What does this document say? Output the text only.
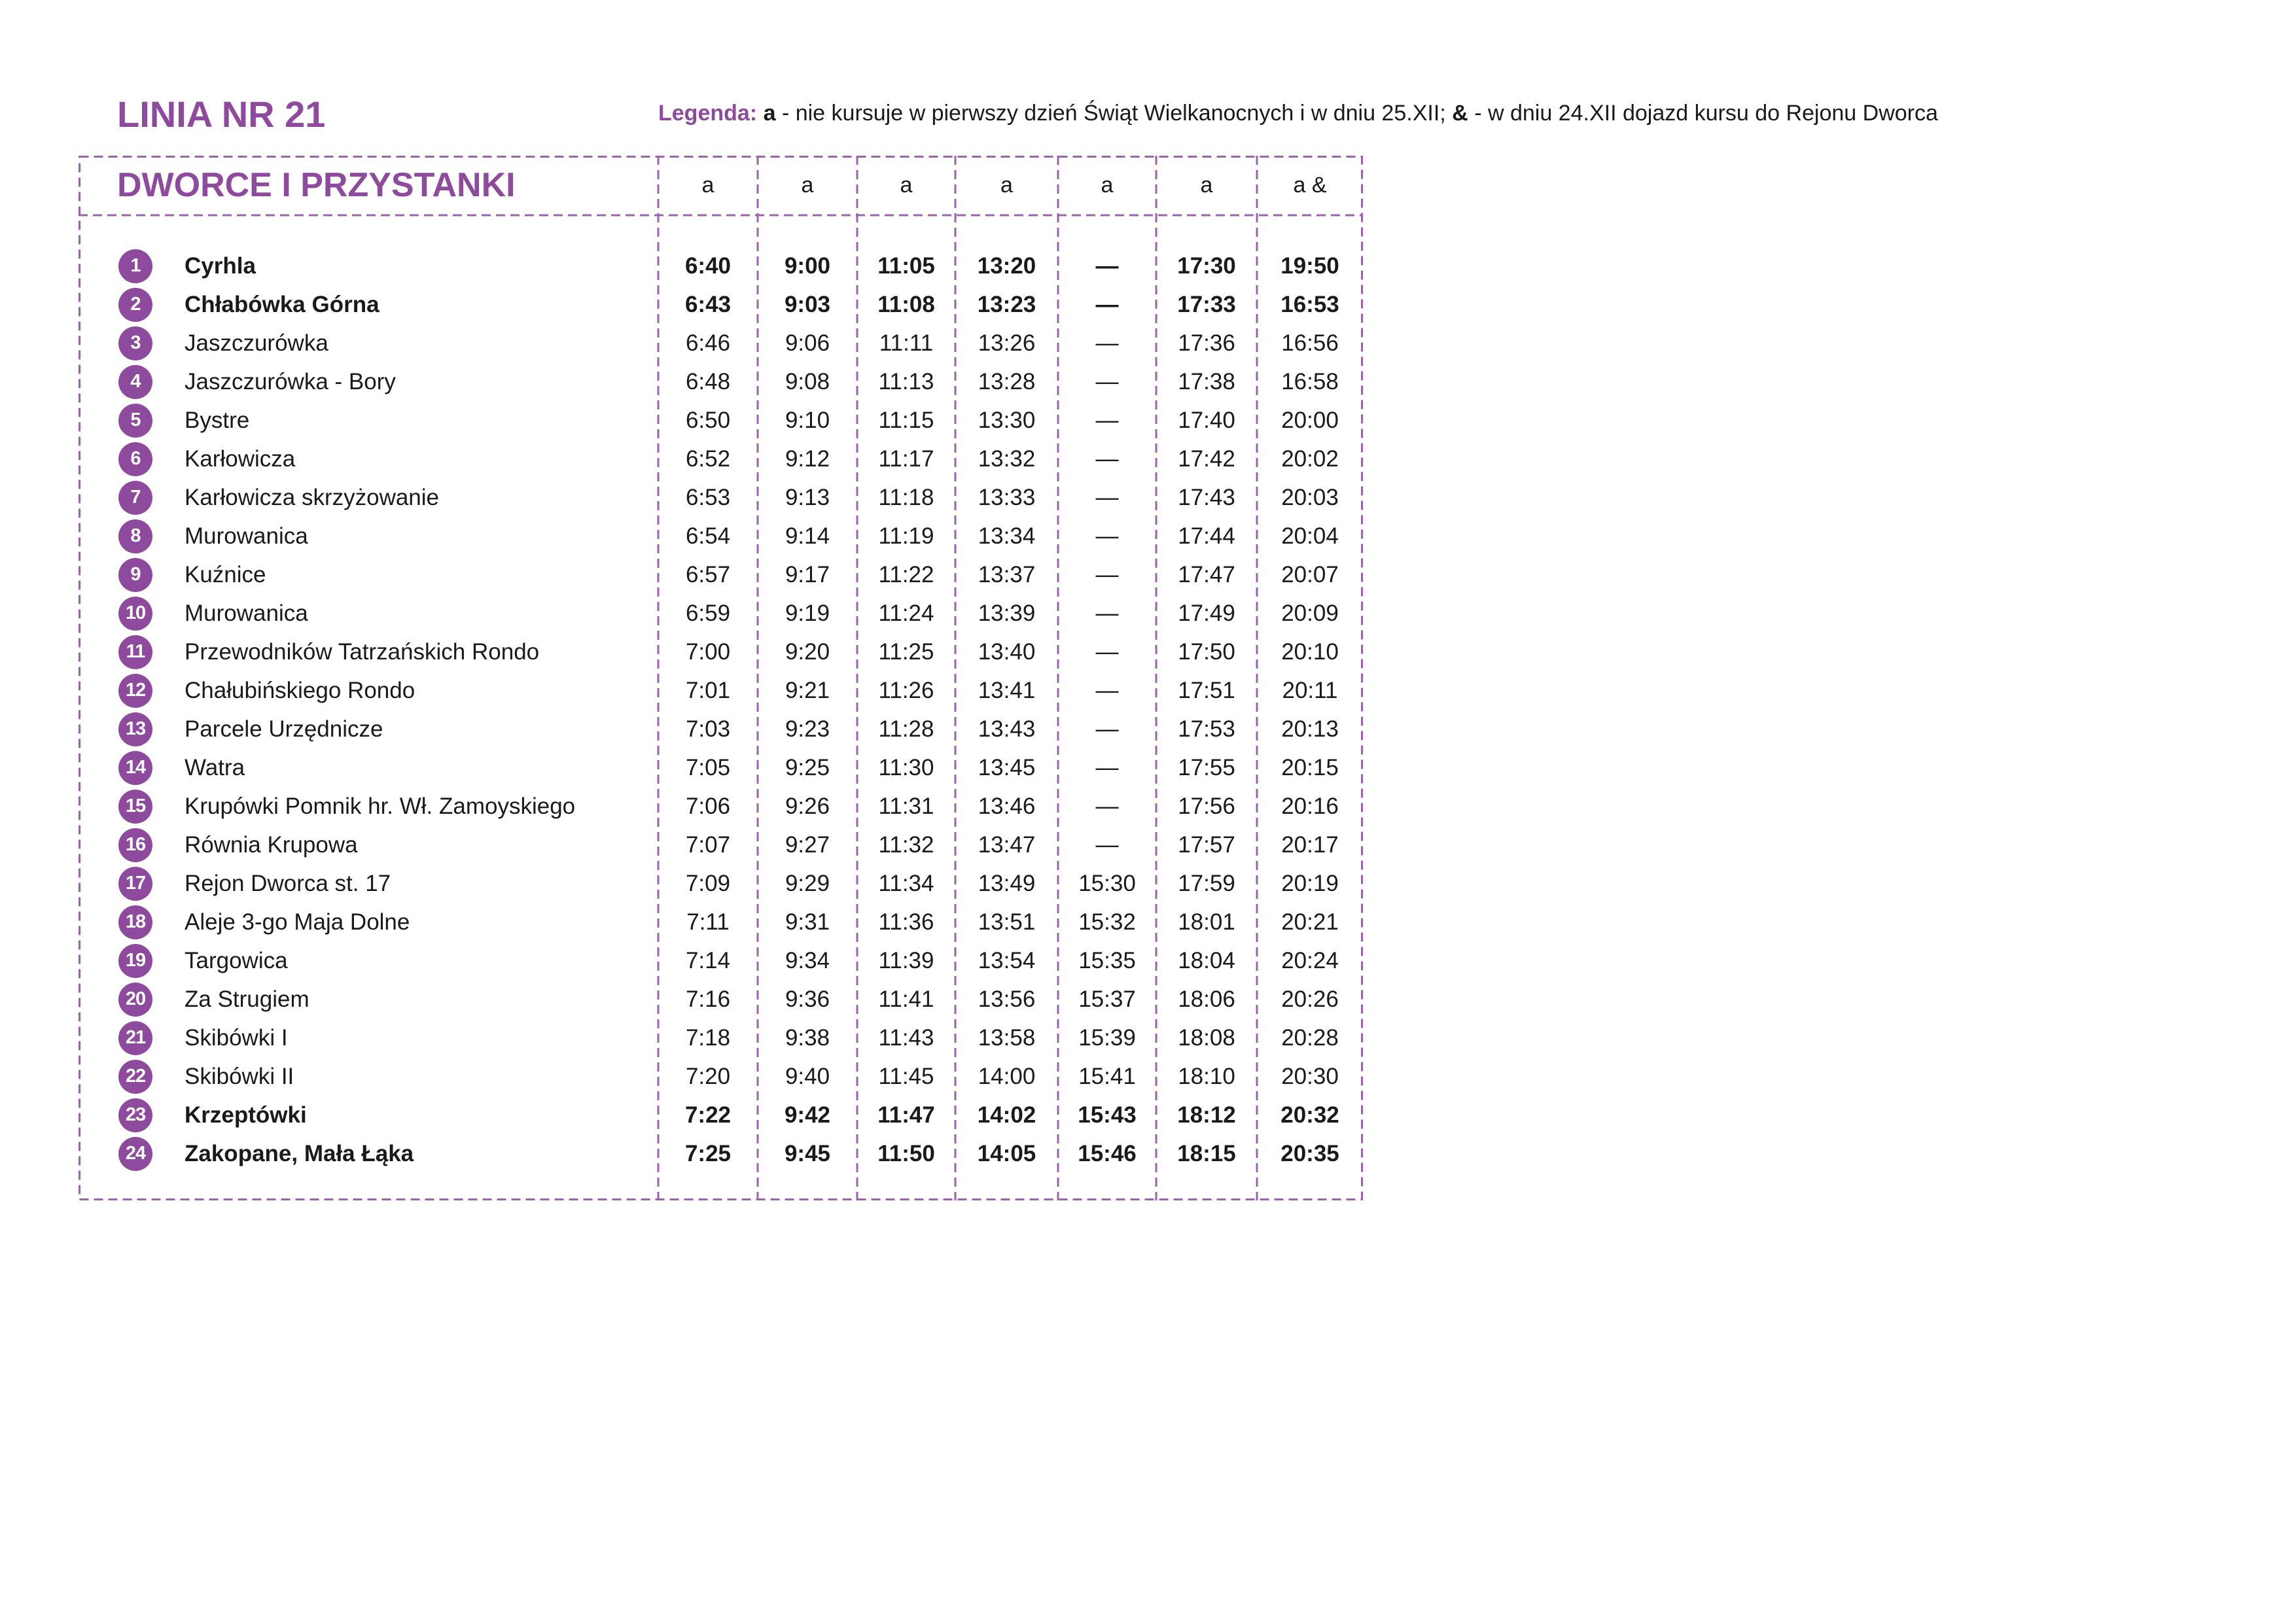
LINIA NR 21	Legenda: a - nie kursuje w pierwszy dzień Świąt Wielkanocnych i w dniu 25.XII; & - w dniu 24.XII dojazd kursu do Rejonu Dworca
DWORCE I PRZYSTANKI	a	a	a	a	a	a	a &
1	Cyrhla	6:40	9:00	11:05	13:20	—	17:30	19:50
2	Chłabówka Górna	6:43	9:03	11:08	13:23	—	17:33	16:53
3	Jaszczurówka	6:46	9:06	11:11	13:26	—	17:36	16:56
4	Jaszczurówka - Bory	6:48	9:08	11:13	13:28	—	17:38	16:58
5	Bystre	6:50	9:10	11:15	13:30	—	17:40	20:00
6	Karłowicza	6:52	9:12	11:17	13:32	—	17:42	20:02
7	Karłowicza skrzyżowanie	6:53	9:13	11:18	13:33	—	17:43	20:03
8	Murowanica	6:54	9:14	11:19	13:34	—	17:44	20:04
9	Kuźnice	6:57	9:17	11:22	13:37	—	17:47	20:07
10	Murowanica	6:59	9:19	11:24	13:39	—	17:49	20:09
11	Przewodników Tatrzańskich Rondo	7:00	9:20	11:25	13:40	—	17:50	20:10
12	Chałubińskiego Rondo	7:01	9:21	11:26	13:41	—	17:51	20:11
13	Parcele Urzędnicze	7:03	9:23	11:28	13:43	—	17:53	20:13
14	Watra	7:05	9:25	11:30	13:45	—	17:55	20:15
15	Krupówki Pomnik hr. Wł. Zamoyskiego	7:06	9:26	11:31	13:46	—	17:56	20:16
16	Równia Krupowa	7:07	9:27	11:32	13:47	—	17:57	20:17
17	Rejon Dworca st. 17	7:09	9:29	11:34	13:49	15:30	17:59	20:19
18	Aleje 3-go Maja Dolne	7:11	9:31	11:36	13:51	15:32	18:01	20:21
19	Targowica	7:14	9:34	11:39	13:54	15:35	18:04	20:24
20	Za Strugiem	7:16	9:36	11:41	13:56	15:37	18:06	20:26
21	Skibówki I	7:18	9:38	11:43	13:58	15:39	18:08	20:28
22	Skibówki II	7:20	9:40	11:45	14:00	15:41	18:10	20:30
23	Krzeptówki	7:22	9:42	11:47	14:02	15:43	18:12	20:32
24	Zakopane, Mała Łąka	7:25	9:45	11:50	14:05	15:46	18:15	20:35
